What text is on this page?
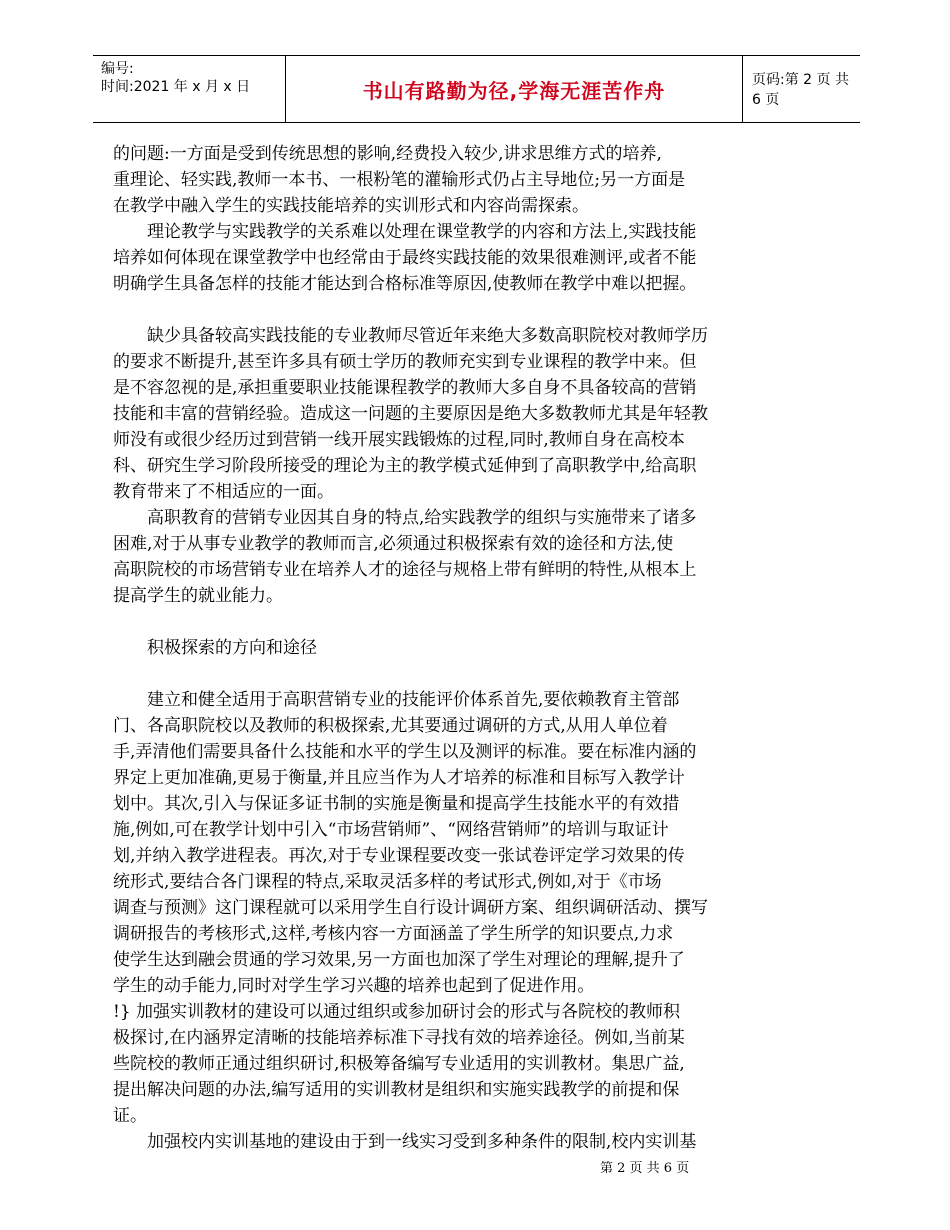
编号:
时间:2021 年 x 月 x 日	书山有路勤为径,学海无涯苦作舟	页码:第 2 页 共 6 页
的问题:一方面是受到传统思想的影响,经费投入较少,讲求思维方式的培养,
重理论、轻实践,教师一本书、一根粉笔的灌输形式仍占主导地位;另一方面是
在教学中融入学生的实践技能培养的实训形式和内容尚需探索。
　　理论教学与实践教学的关系难以处理在课堂教学的内容和方法上,实践技能
培养如何体现在课堂教学中也经常由于最终实践技能的效果很难测评,或者不能
明确学生具备怎样的技能才能达到合格标准等原因,使教师在教学中难以把握。
　　缺少具备较高实践技能的专业教师尽管近年来绝大多数高职院校对教师学历
的要求不断提升,甚至许多具有硕士学历的教师充实到专业课程的教学中来。但
是不容忽视的是,承担重要职业技能课程教学的教师大多自身不具备较高的营销
技能和丰富的营销经验。造成这一问题的主要原因是绝大多数教师尤其是年轻教
师没有或很少经历过到营销一线开展实践锻炼的过程,同时,教师自身在高校本
科、研究生学习阶段所接受的理论为主的教学模式延伸到了高职教学中,给高职
教育带来了不相适应的一面。
　　高职教育的营销专业因其自身的特点,给实践教学的组织与实施带来了诸多
困难,对于从事专业教学的教师而言,必须通过积极探索有效的途径和方法,使
高职院校的市场营销专业在培养人才的途径与规格上带有鲜明的特性,从根本上
提高学生的就业能力。
　　积极探索的方向和途径
　　建立和健全适用于高职营销专业的技能评价体系首先,要依赖教育主管部
门、各高职院校以及教师的积极探索,尤其要通过调研的方式,从用人单位着
手,弄清他们需要具备什么技能和水平的学生以及测评的标准。要在标准内涵的
界定上更加准确,更易于衡量,并且应当作为人才培养的标准和目标写入教学计
划中。其次,引入与保证多证书制的实施是衡量和提高学生技能水平的有效措
施,例如,可在教学计划中引入“市场营销师”、“网络营销师”的培训与取证计
划,并纳入教学进程表。再次,对于专业课程要改变一张试卷评定学习效果的传
统形式,要结合各门课程的特点,采取灵活多样的考试形式,例如,对于《市场
调查与预测》这门课程就可以采用学生自行设计调研方案、组织调研活动、撰写
调研报告的考核形式,这样,考核内容一方面涵盖了学生所学的知识要点,力求
使学生达到融会贯通的学习效果,另一方面也加深了学生对理论的理解,提升了
学生的动手能力,同时对学生学习兴趣的培养也起到了促进作用。
!} 加强实训教材的建设可以通过组织或参加研讨会的形式与各院校的教师积
极探讨,在内涵界定清晰的技能培养标准下寻找有效的培养途径。例如,当前某
些院校的教师正通过组织研讨,积极筹备编写专业适用的实训教材。集思广益,
提出解决问题的办法,编写适用的实训教材是组织和实施实践教学的前提和保
证。
　　加强校内实训基地的建设由于到一线实习受到多种条件的限制,校内实训基
第 2 页 共 6 页
